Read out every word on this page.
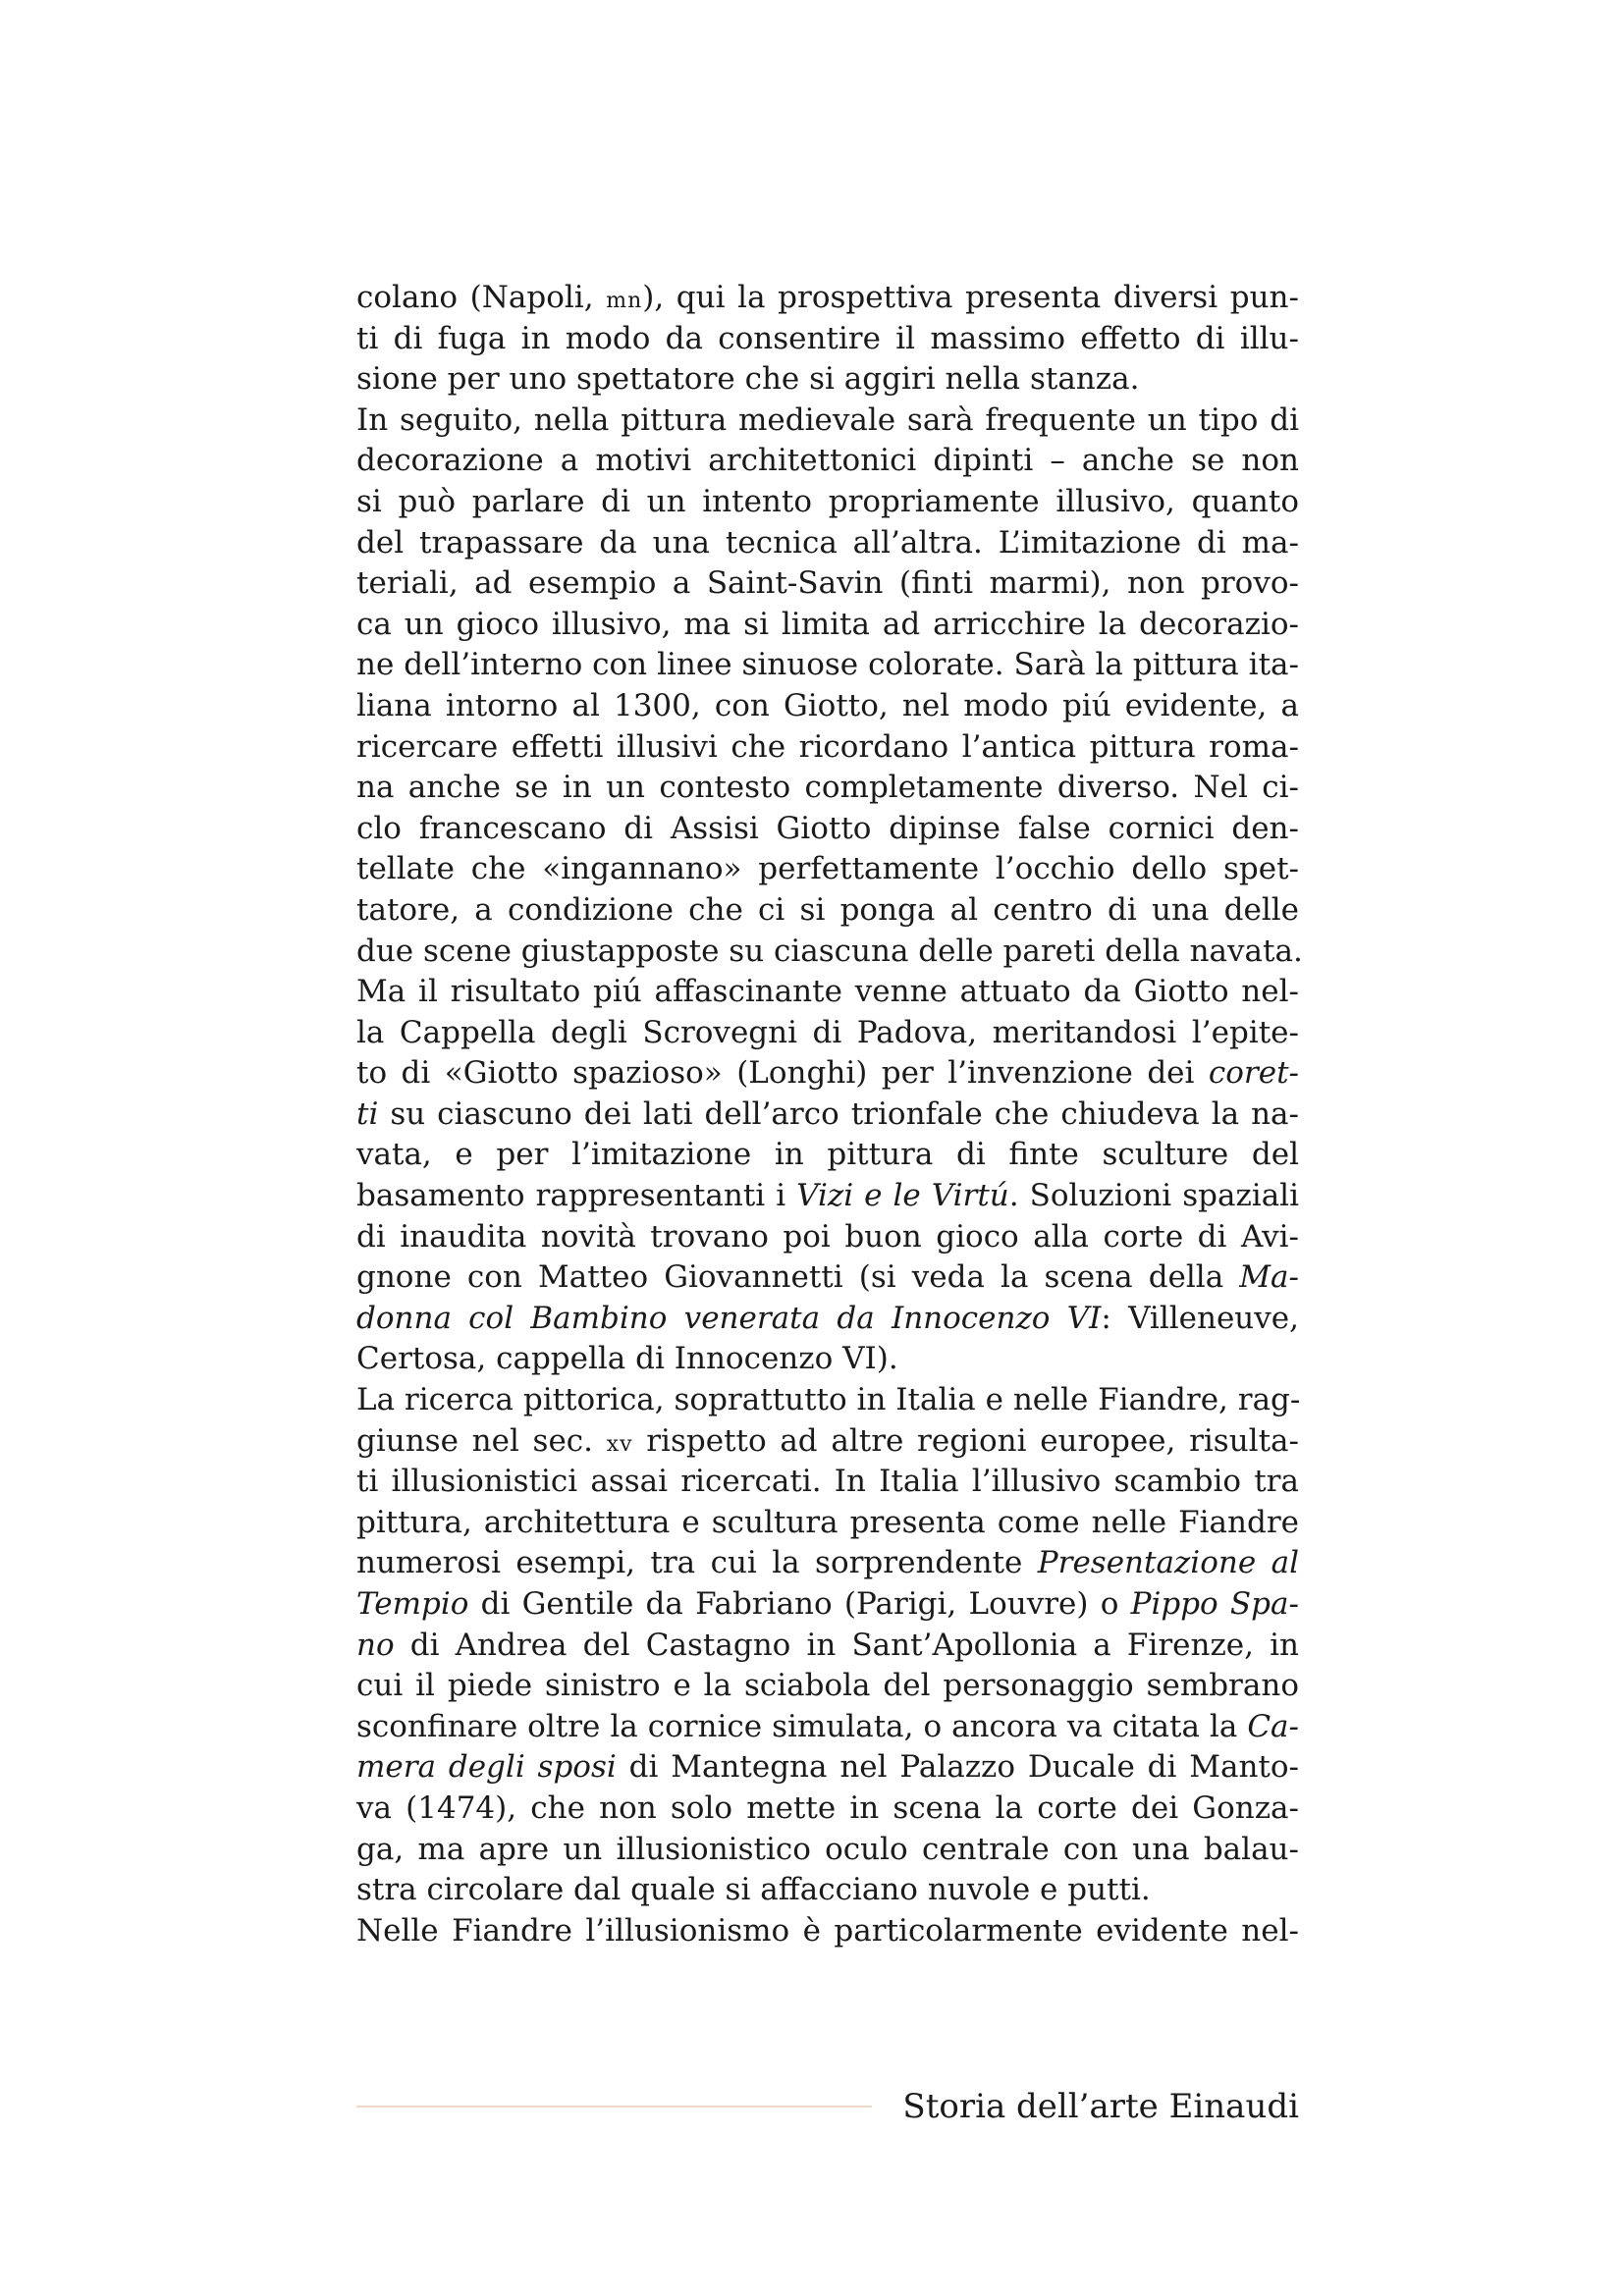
colano (Napoli, mn), qui la prospettiva presenta diversi pun-
ti di fuga in modo da consentire il massimo effetto di illu-
sione per uno spettatore che si aggiri nella stanza.
In seguito, nella pittura medievale sarà frequente un tipo di
decorazione a motivi architettonici dipinti – anche se non
si può parlare di un intento propriamente illusivo, quanto
del trapassare da una tecnica all’altra. L’imitazione di ma-
teriali, ad esempio a Saint-Savin (finti marmi), non provo-
ca un gioco illusivo, ma si limita ad arricchire la decorazio-
ne dell’interno con linee sinuose colorate. Sarà la pittura ita-
liana intorno al 1300, con Giotto, nel modo piú evidente, a
ricercare effetti illusivi che ricordano l’antica pittura roma-
na anche se in un contesto completamente diverso. Nel ci-
clo francescano di Assisi Giotto dipinse false cornici den-
tellate che «ingannano» perfettamente l’occhio dello spet-
tatore, a condizione che ci si ponga al centro di una delle
due scene giustapposte su ciascuna delle pareti della navata.
Ma il risultato piú affascinante venne attuato da Giotto nel-
la Cappella degli Scrovegni di Padova, meritandosi l’epite-
to di «Giotto spazioso» (Longhi) per l’invenzione dei coret-
ti su ciascuno dei lati dell’arco trionfale che chiudeva la na-
vata, e per l’imitazione in pittura di finte sculture del
basamento rappresentanti i Vizi e le Virtú. Soluzioni spaziali
di inaudita novità trovano poi buon gioco alla corte di Avi-
gnone con Matteo Giovannetti (si veda la scena della Ma-
donna col Bambino venerata da Innocenzo VI: Villeneuve,
Certosa, cappella di Innocenzo VI).
La ricerca pittorica, soprattutto in Italia e nelle Fiandre, rag-
giunse nel sec. xv rispetto ad altre regioni europee, risulta-
ti illusionistici assai ricercati. In Italia l’illusivo scambio tra
pittura, architettura e scultura presenta come nelle Fiandre
numerosi esempi, tra cui la sorprendente Presentazione al
Tempio di Gentile da Fabriano (Parigi, Louvre) o Pippo Spa-
no di Andrea del Castagno in Sant’Apollonia a Firenze, in
cui il piede sinistro e la sciabola del personaggio sembrano
sconfinare oltre la cornice simulata, o ancora va citata la Ca-
mera degli sposi di Mantegna nel Palazzo Ducale di Manto-
va (1474), che non solo mette in scena la corte dei Gonza-
ga, ma apre un illusionistico oculo centrale con una balau-
stra circolare dal quale si affacciano nuvole e putti.
Nelle Fiandre l’illusionismo è particolarmente evidente nel-
Storia dell’arte Einaudi
